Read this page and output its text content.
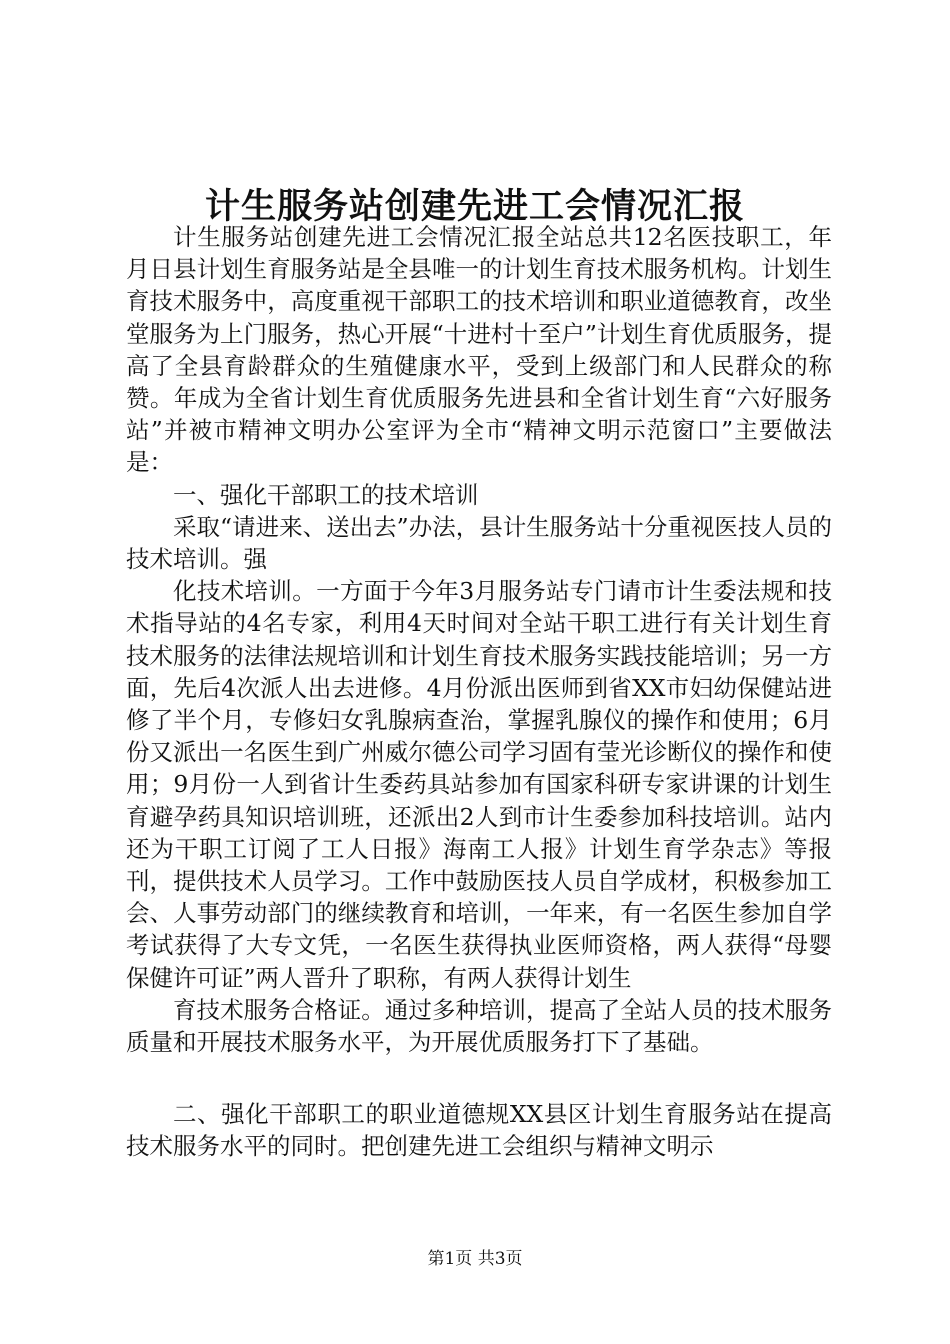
计生服务站创建先进工会情况汇报

计生服务站创建先进工会情况汇报全站总共12名医技职工，年月日县计划生育服务站是全县唯一的计划生育技术服务机构。计划生育技术服务中，高度重视干部职工的技术培训和职业道德教育，改坐堂服务为上门服务，热心开展“十进村十至户”计划生育优质服务，提高了全县育龄群众的生殖健康水平，受到上级部门和人民群众的称赞。年成为全省计划生育优质服务先进县和全省计划生育“六好服务站”并被市精神文明办公室评为全市“精神文明示范窗口”主要做法是：

一、强化干部职工的技术培训

采取“请进来、送出去”办法，县计生服务站十分重视医技人员的技术培训。强

化技术培训。一方面于今年3月服务站专门请市计生委法规和技术指导站的4名专家，利用4天时间对全站干职工进行有关计划生育技术服务的法律法规培训和计划生育技术服务实践技能培训；另一方面，先后4次派人出去进修。4月份派出医师到省XX市妇幼保健站进修了半个月，专修妇女乳腺病查治，掌握乳腺仪的操作和使用；6月份又派出一名医生到广州威尔德公司学习固有莹光诊断仪的操作和使用；9月份一人到省计生委药具站参加有国家科研专家讲课的计划生育避孕药具知识培训班，还派出2人到市计生委参加科技培训。站内还为干职工订阅了工人日报》海南工人报》计划生育学杂志》等报刊，提供技术人员学习。工作中鼓励医技人员自学成材，积极参加工会、人事劳动部门的继续教育和培训，一年来，有一名医生参加自学考试获得了大专文凭，一名医生获得执业医师资格，两人获得“母婴保健许可证”两人晋升了职称，有两人获得计划生

育技术服务合格证。通过多种培训，提高了全站人员的技术服务质量和开展技术服务水平，为开展优质服务打下了基础。

二、强化干部职工的职业道德规XX县区计划生育服务站在提高技术服务水平的同时。把创建先进工会组织与精神文明示

第1页 共3页
